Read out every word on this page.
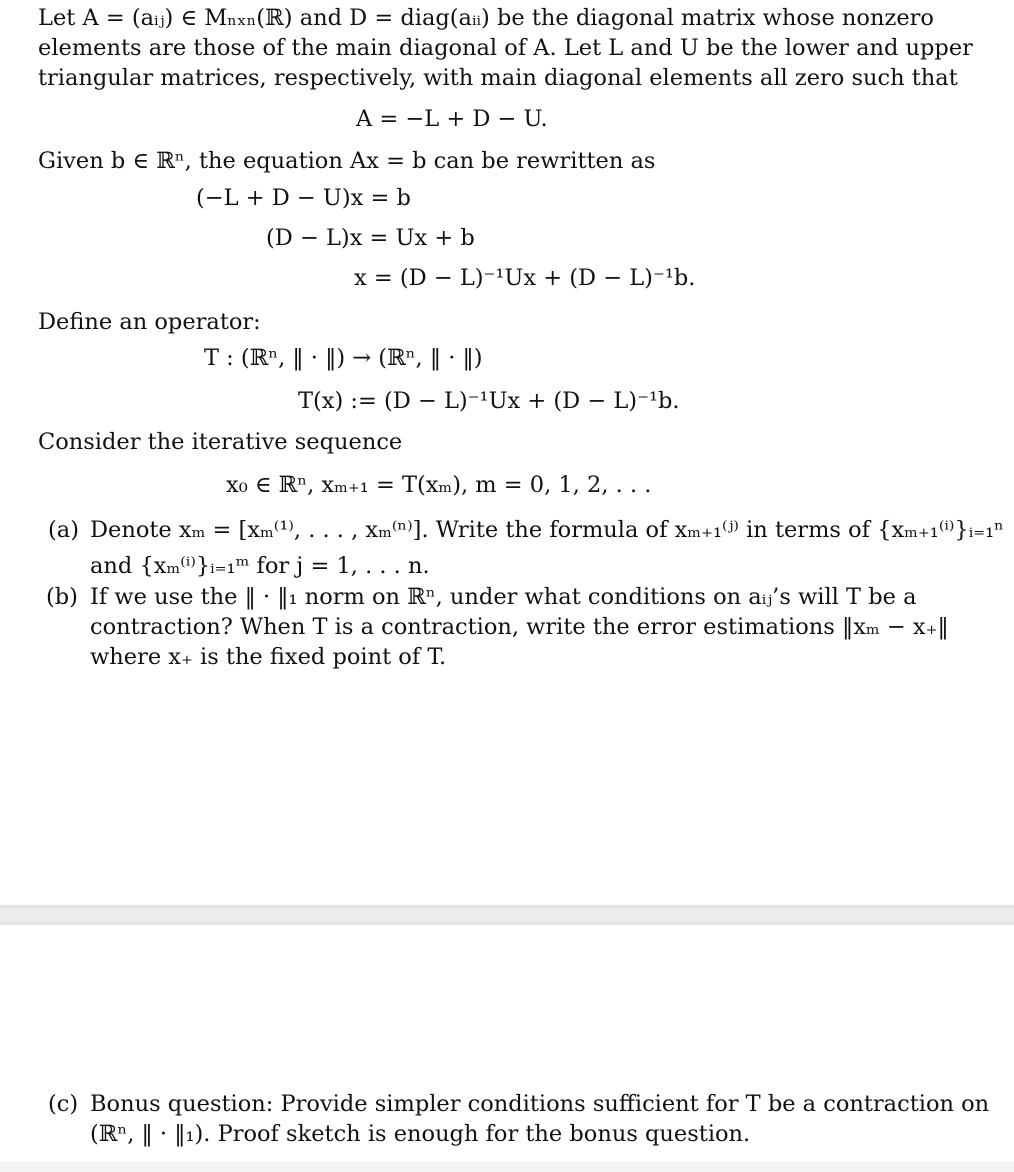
Let A = (aᵢⱼ) ∈ Mₙₓₙ(ℝ) and D = diag(aᵢᵢ) be the diagonal matrix whose nonzero
elements are those of the main diagonal of A. Let L and U be the lower and upper
triangular matrices, respectively, with main diagonal elements all zero such that
A = −L + D − U.
Given b ∈ ℝⁿ, the equation Ax = b can be rewritten as
(−L + D − U)x = b
(D − L)x = Ux + b
x = (D − L)⁻¹Ux + (D − L)⁻¹b.
Define an operator:
T : (ℝⁿ, ‖ · ‖) → (ℝⁿ, ‖ · ‖)
T(x) := (D − L)⁻¹Ux + (D − L)⁻¹b.
Consider the iterative sequence
x₀ ∈ ℝⁿ, xₘ₊₁ = T(xₘ), m = 0, 1, 2, . . .
(a) Denote xₘ = [xₘ⁽¹⁾, . . . , xₘ⁽ⁿ⁾]. Write the formula of xₘ₊₁⁽ʲ⁾ in terms of {xₘ₊₁⁽ⁱ⁾}ᵢ₌₁ⁿ
and {xₘ⁽ⁱ⁾}ᵢ₌₁ᵐ for j = 1, . . . n.
(b) If we use the ‖ · ‖₁ norm on ℝⁿ, under what conditions on aᵢⱼ’s will T be a
contraction? When T is a contraction, write the error estimations ‖xₘ − x₊‖
where x₊ is the fixed point of T.
(c) Bonus question: Provide simpler conditions sufficient for T be a contraction on
(ℝⁿ, ‖ · ‖₁). Proof sketch is enough for the bonus question.
